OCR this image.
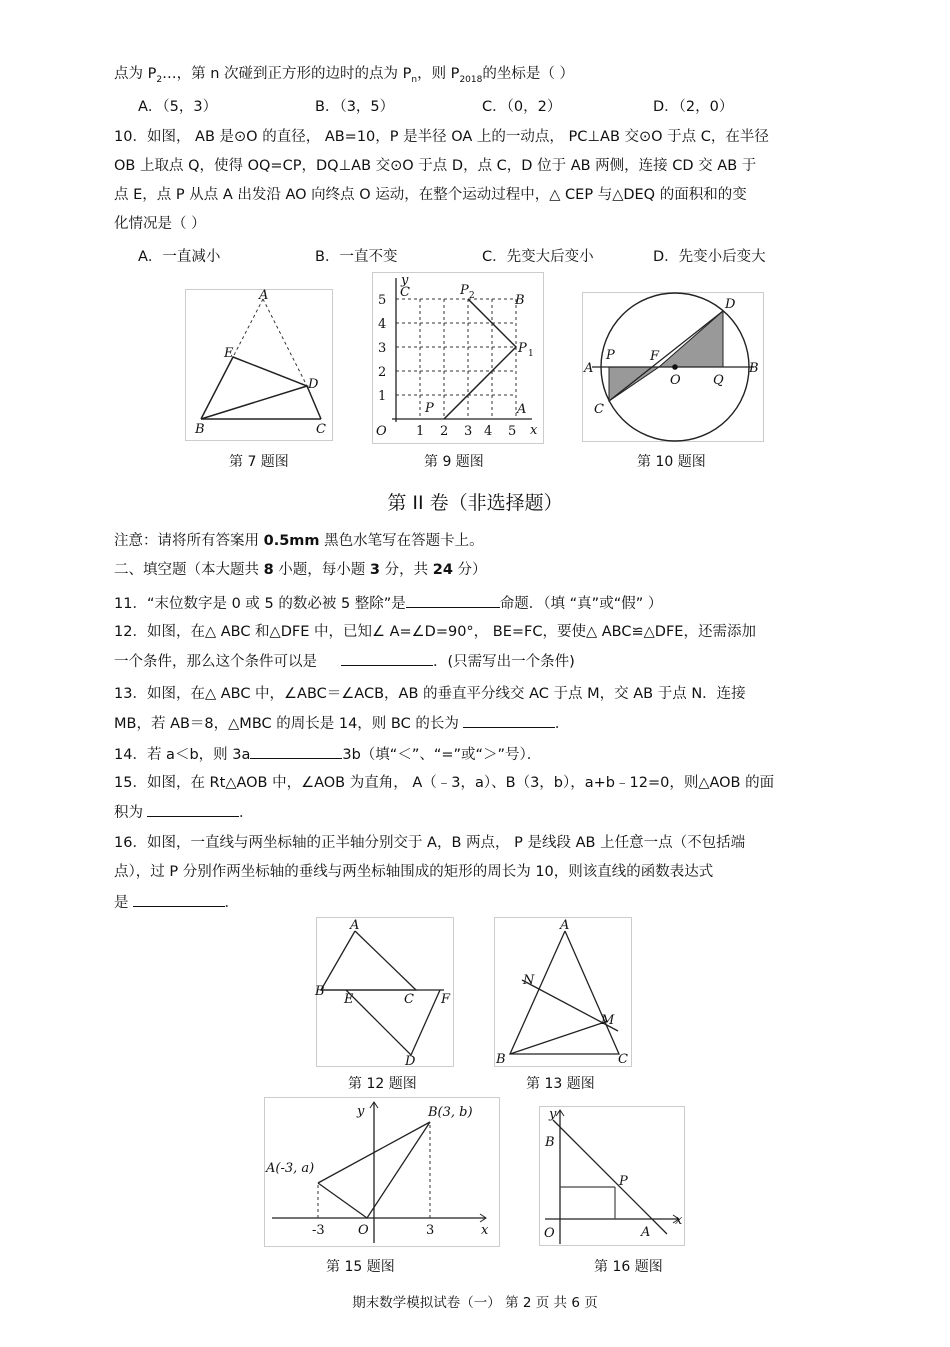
点为 $P_2\dots$，第 n 次碰到正方形的边时的点为 $P_n$，则 $P_{2018}$的坐标是（ ）
A．（5，3）	B．（3，5）	C．（0，2）	D．（2，0）
10．如图， AB 是⊙O 的直径， AB=10，P 是半径 OA 上的一动点， PC⊥AB 交⊙O 于点 C，在半径
OB 上取点 Q，使得 OQ=CP，DQ⊥AB 交⊙O 于点 D，点 C，D 位于 AB 两侧，连接 CD 交 AB 于
点 E，点 P 从点 A 出发沿 AO 向终点 O 运动，在整个运动过程中，△ CEP 与△DEQ 的面积和的变
化情况是（ ）
A．一直减小	B．一直不变	C．先变大后变小	D．先变小后变大
A
E
D
B	C
第 7 题图
y
x
O
C
B
A
P
P 1
P 2
1 2 3 4 5
1
2
3
4
5
第 9 题图
A	B
P	F
O Q
C
D
第 10 题图
第 II 卷（非选择题）
注意：请将所有答案用 0.5mm 黑色水笔写在答题卡上。
二、填空题（本大题共 8 小题，每小题 3 分，共 24 分）
11．“末位数字是 0 或 5 的数必被 5 整除”是	命题．（填 “真”或“假” ）
12．如图，在△ ABC 和△DFE 中，已知∠ A=∠D=90°， BE=FC，要使△ ABC≌△DFE，还需添加
一个条件，那么这个条件可以是	．(只需写出一个条件)
13．如图，在△ ABC 中，∠ABC＝∠ACB，AB 的垂直平分线交 AC 于点 M，交 AB 于点 N．连接
MB，若 AB＝8，△MBC 的周长是 14，则 BC 的长为	．
14．若 a＜b，则 3a	3b（填“＜”、“=”或“＞”号）．
15．如图，在 Rt△AOB 中，∠AOB 为直角， A（﹣3，a）、B（3，b），a+b﹣12=0，则△AOB 的面
积为	．
16．如图，一直线与两坐标轴的正半轴分别交于 A，B 两点， P 是线段 AB 上任意一点（不包括端
点），过 P 分别作两坐标轴的垂线与两坐标轴围成的矩形的周长为 10，则该直线的函数表达式
是	．
A
B
E	C F
D
第 12 题图
A
N
M
B	C
第 13 题图
y
x
O
A(-3, a)
B(3, b)
-3	3
第 15 题图
y
x
O
B
A
P
第 16 题图
期末数学模拟试卷（一） 第 2 页 共 6 页
